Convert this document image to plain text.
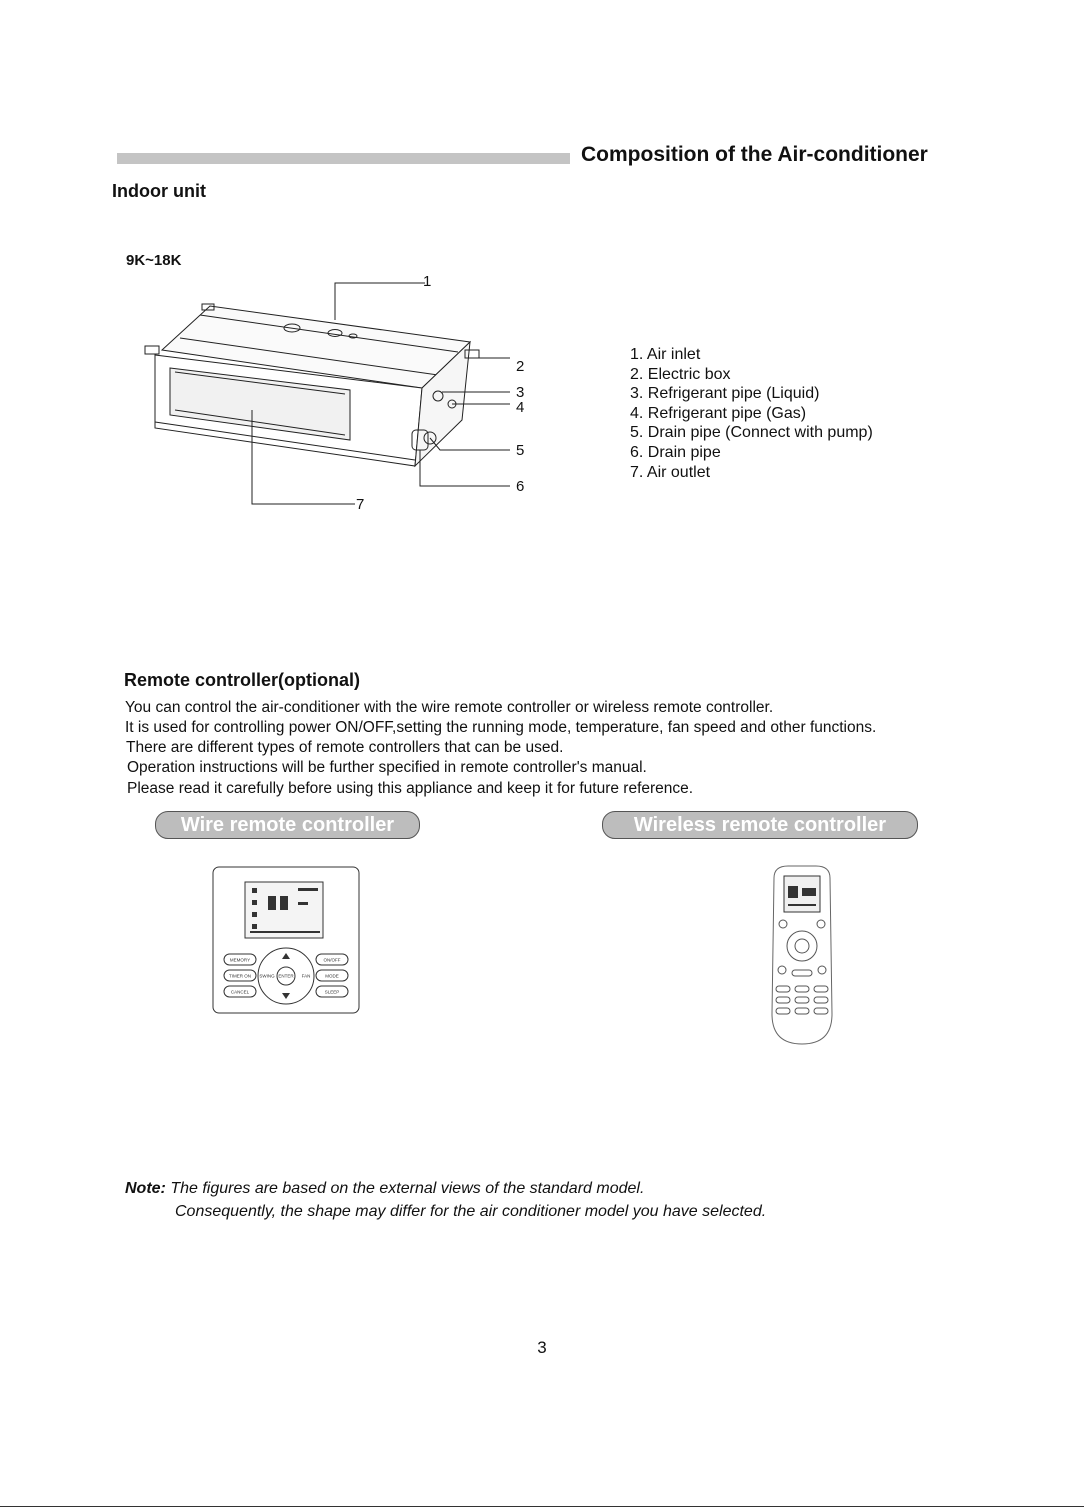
Composition of the Air-conditioner
Indoor unit
9K~18K
1
2
3
4
5
6
7
1. Air inlet
2. Electric box
3. Refrigerant pipe (Liquid)
4. Refrigerant pipe (Gas)
5. Drain pipe (Connect with pump)
6. Drain pipe
7. Air outlet
Remote controller(optional)
You can control the air-conditioner with the wire remote controller or wireless remote controller.
It is used for controlling power ON/OFF,setting the running mode, temperature, fan speed and other functions.
There are different types of remote controllers that can be used.
Operation instructions will be further specified in remote controller's manual.
Please read it carefully before using this appliance and keep it for future reference.
Wire remote controller	Wireless remote controller
MEMORY
TIMER ON
CANCEL
ON/OFF
MODE
SLEEP
SWING ENTER FAN
Note: The figures are based on the external views of the standard model.
Consequently, the shape may differ for the air conditioner model you have selected.
3
